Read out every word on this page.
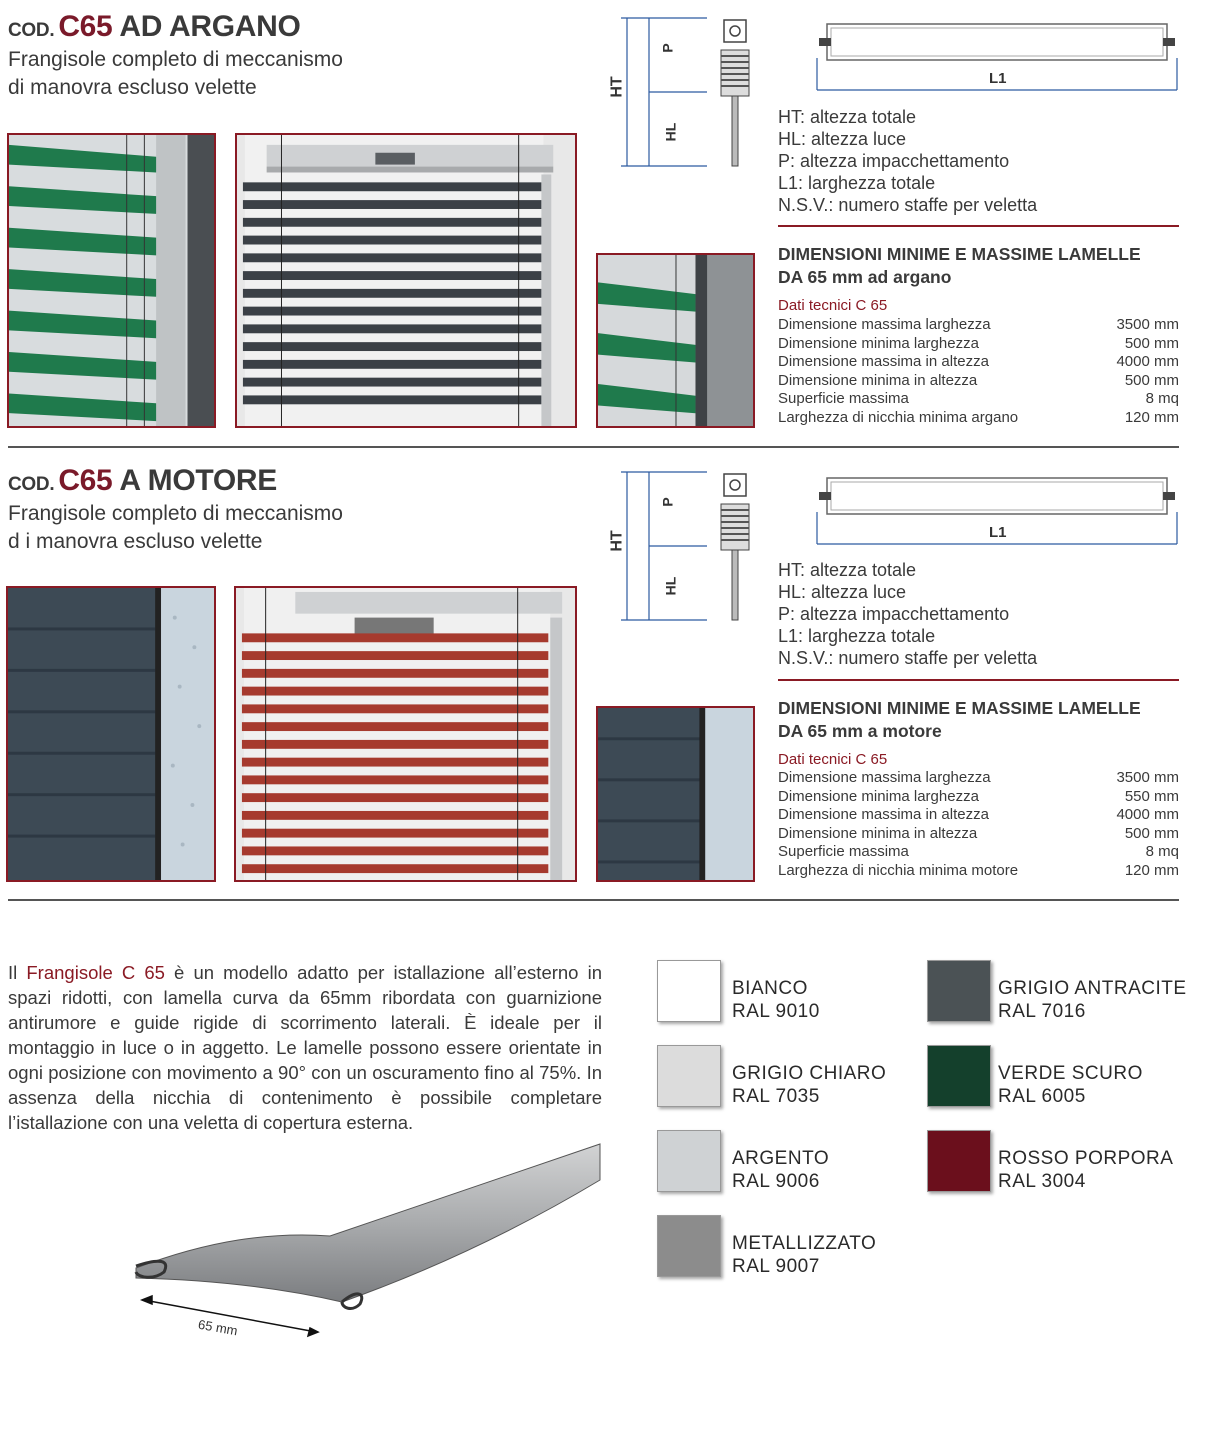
COD. C65 AD ARGANO
Frangisole completo di meccanismo
di manovra escluso velette	HT
P
HL
L1
HT: altezza totale
HL: altezza luce
P: altezza impacchettamento
L1: larghezza totale
N.S.V.: numero staffe per veletta
DIMENSIONI MINIME E MASSIME LAMELLE
DA 65 mm ad argano
Dati tecnici C 65
Dimensione massima larghezza	3500 mm
Dimensione minima larghezza	500 mm
Dimensione massima in altezza	4000 mm
Dimensione minima in altezza	500 mm
Superficie massima	8 mq
Larghezza di nicchia minima argano	120 mm
COD. C65 A MOTORE
Frangisole completo di meccanismo
d i manovra escluso velette	HT
P
HL
L1
HT: altezza totale
HL: altezza luce
P: altezza impacchettamento
L1: larghezza totale
N.S.V.: numero staffe per veletta
DIMENSIONI MINIME E MASSIME LAMELLE
DA 65 mm a motore
Dati tecnici C 65
Dimensione massima larghezza	3500 mm
Dimensione minima larghezza	550 mm
Dimensione massima in altezza	4000 mm
Dimensione minima in altezza	500 mm
Superficie massima	8 mq
Larghezza di nicchia minima motore	120 mm
Il Frangisole C 65 è un modello adatto per istallazione all’esterno in spazi ridotti, con lamella curva da 65mm ribordata con guarnizione antirumore e guide rigide di scorrimento laterali. È ideale per il montaggio in luce o in aggetto. Le lamelle possono essere orientate in ogni posizione con movimento a 90° con un oscuramento fino al 75%. In assenza della nicchia di contenimento è possibile completare l’istallazione con una veletta di copertura esterna.
65 mm
BIANCO
RAL 9010
GRIGIO CHIARO
RAL 7035
ARGENTO
RAL 9006
METALLIZZATO
RAL 9007
GRIGIO ANTRACITE
RAL 7016
VERDE SCURO
RAL 6005
ROSSO PORPORA
RAL 3004
